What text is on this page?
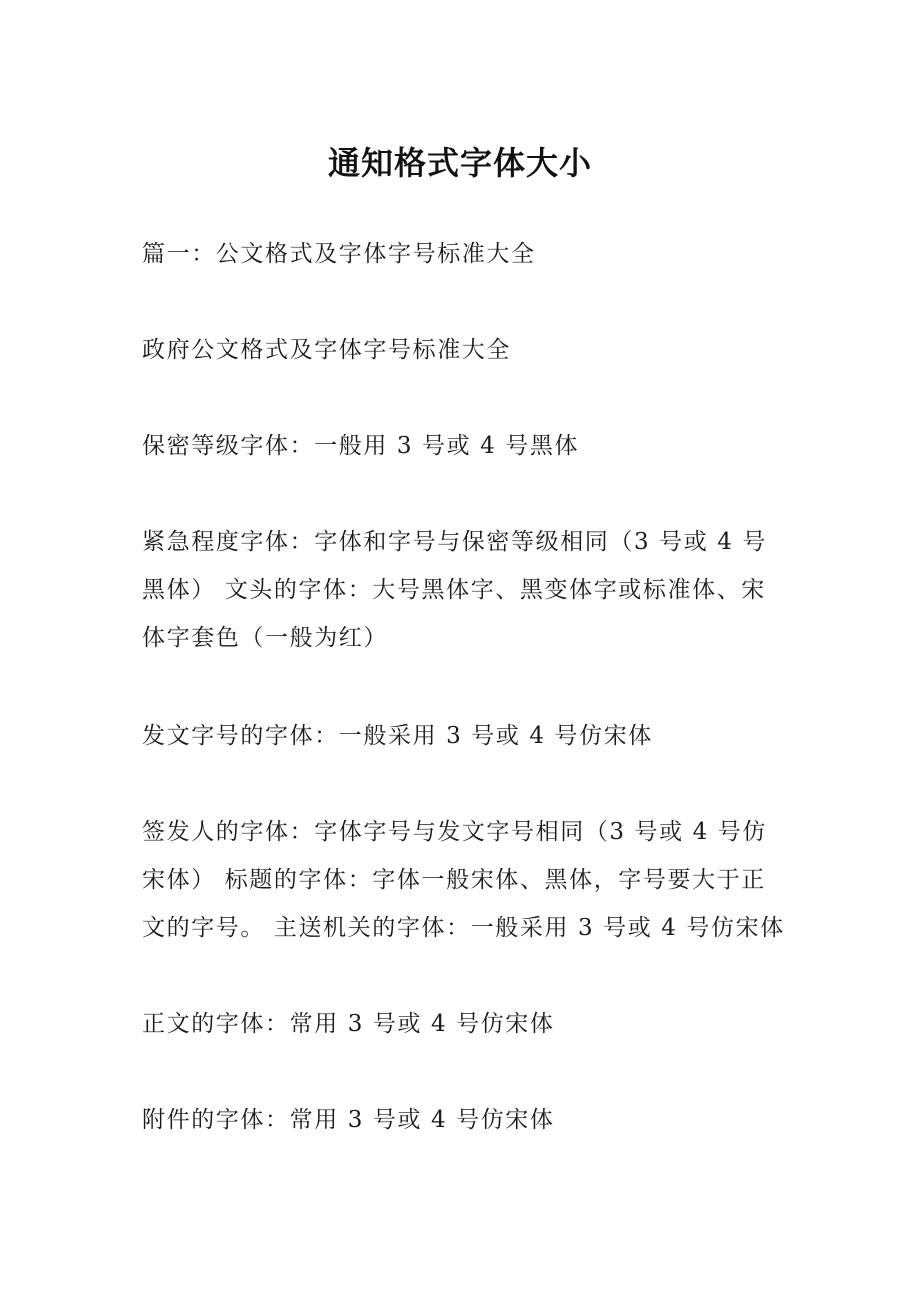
通知格式字体大小

篇一：公文格式及字体字号标准大全

政府公文格式及字体字号标准大全

保密等级字体：一般用 3 号或 4 号黑体

紧急程度字体：字体和字号与保密等级相同（3 号或 4 号黑体） 文头的字体：大号黑体字、黑变体字或标准体、宋体字套色（一般为红）

发文字号的字体：一般采用 3 号或 4 号仿宋体

签发人的字体：字体字号与发文字号相同（3 号或 4 号仿宋体） 标题的字体：字体一般宋体、黑体，字号要大于正文的字号。 主送机关的字体：一般采用 3 号或 4 号仿宋体

正文的字体：常用 3 号或 4 号仿宋体

附件的字体：常用 3 号或 4 号仿宋体
